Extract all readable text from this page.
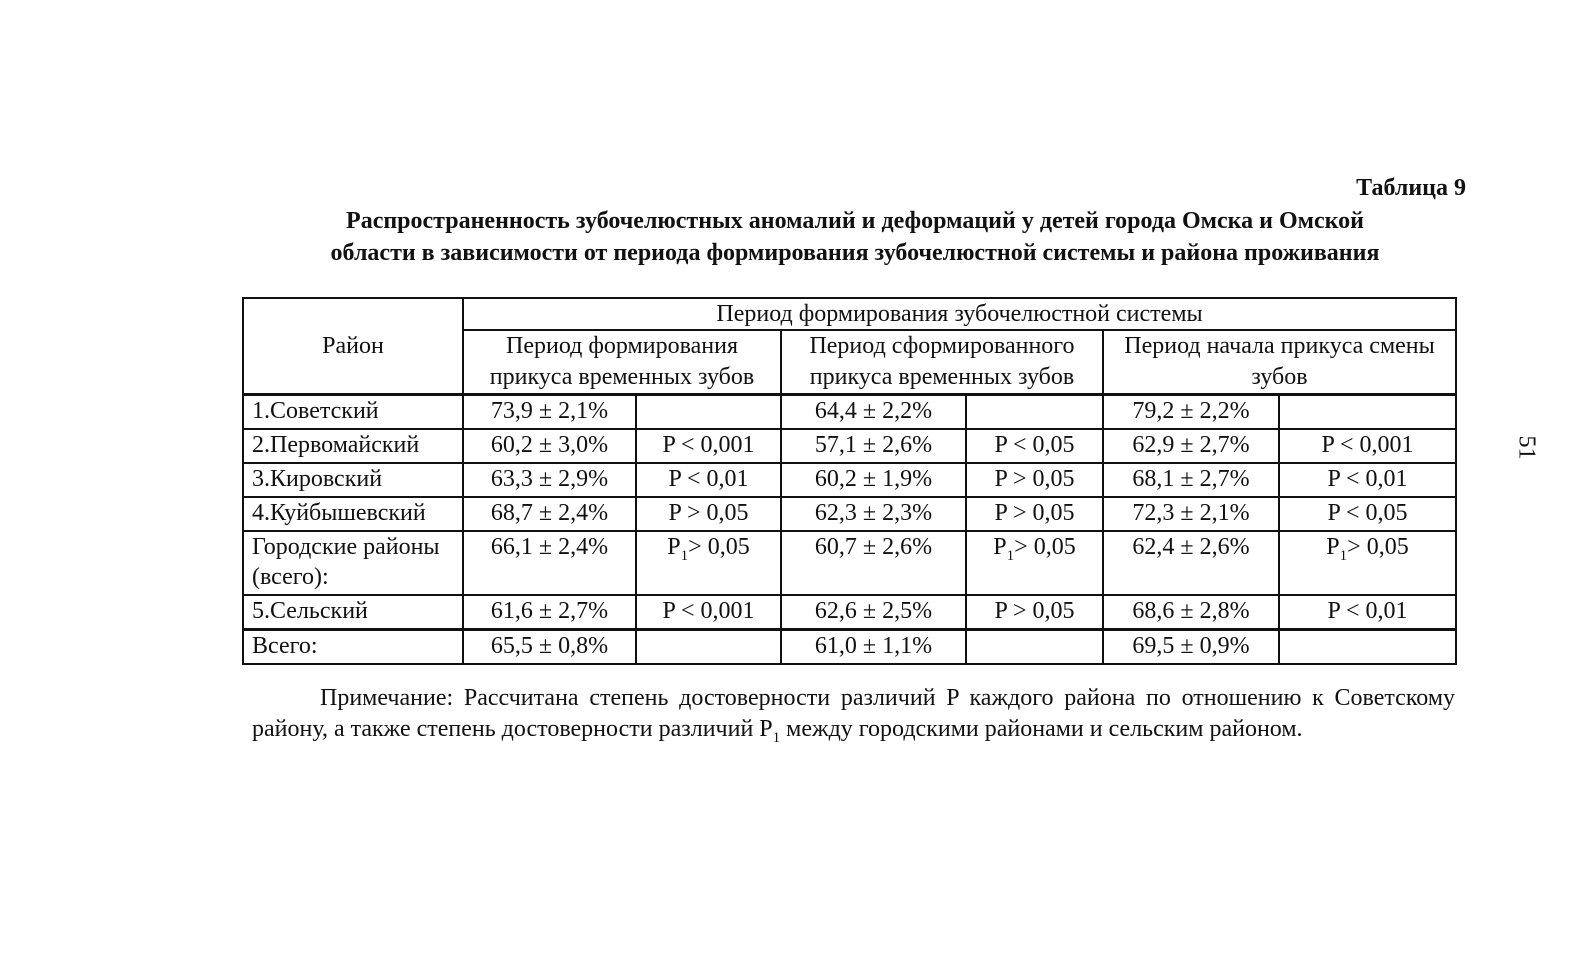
Таблица 9
Распространенность зубочелюстных аномалий и деформаций у детей города Омска и Омской
области в зависимости от периода формирования зубочелюстной системы и района проживания
51
Район	Период формирования зубочелюстной системы					
	Период формирования прикуса временных зубов		Период сформированного прикуса временных зубов		Период начала прикуса смены зубов	
1.Советский	73,9 ± 2,1%		64,4 ± 2,2%		79,2 ± 2,2%	
2.Первомайский	60,2 ± 3,0%	P < 0,001	57,1 ± 2,6%	P < 0,05	62,9 ± 2,7%	P < 0,001
3.Кировский	63,3 ± 2,9%	P < 0,01	60,2 ± 1,9%	P > 0,05	68,1 ± 2,7%	P < 0,01
4.Куйбышевский	68,7 ± 2,4%	P > 0,05	62,3 ± 2,3%	P > 0,05	72,3 ± 2,1%	P < 0,05
Городские районы (всего):	66,1 ± 2,4%	$P_1> 0,05$	60,7 ± 2,6%	$P_1> 0,05$	62,4 ± 2,6%	$P_1> 0,05$
5.Сельский	61,6 ± 2,7%	P < 0,001	62,6 ± 2,5%	P > 0,05	68,6 ± 2,8%	P < 0,01
Всего:	65,5 ± 0,8%		61,0 ± 1,1%		69,5 ± 0,9%	
Примечание: Рассчитана степень достоверности различий P каждого района по отношению к Советскому району, а также степень достоверности различий $P_1$ между городскими районами и сельским районом.
